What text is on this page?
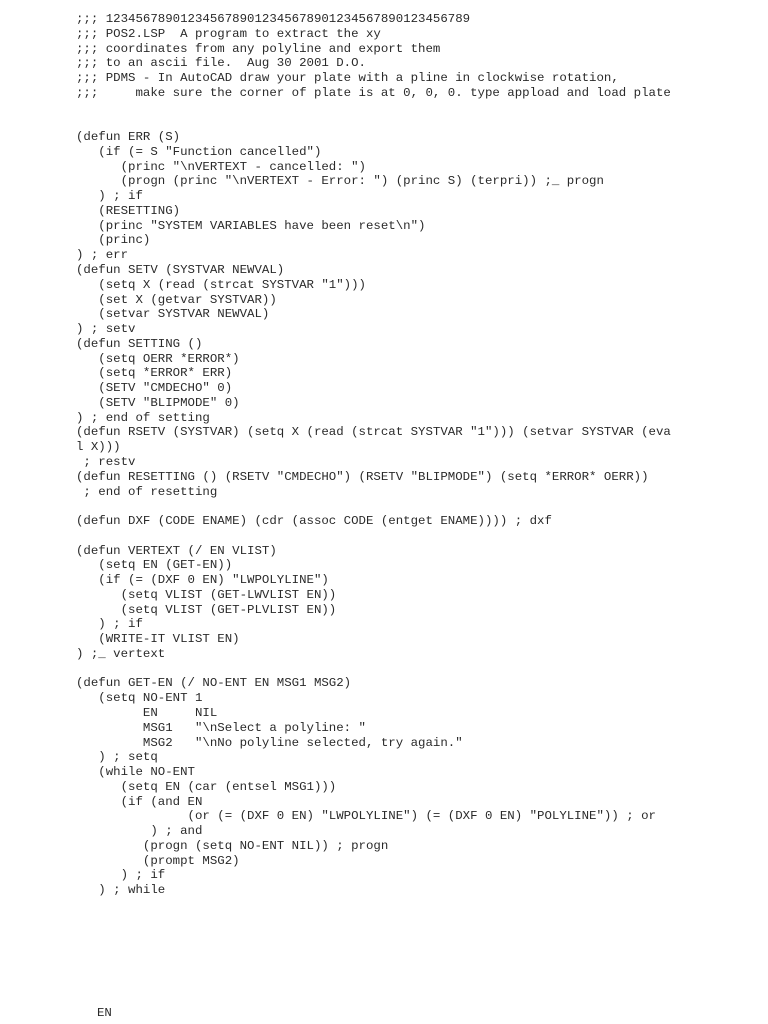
;;; 1234567890123456789012345678901234567890123456789
;;; POS2.LSP  A program to extract the xy
;;; coordinates from any polyline and export them
;;; to an ascii file.  Aug 30 2001 D.O.
;;; PDMS - In AutoCAD draw your plate with a pline in clockwise rotation,
;;;     make sure the corner of plate is at 0, 0, 0. type appload and load plate
(defun ERR (S)
(if (= S "Function cancelled")
(princ "\nVERTEXT - cancelled: ")
(progn (princ "\nVERTEXT - Error: ") (princ S) (terpri)) ;_ progn
) ; if
(RESETTING)
(princ "SYSTEM VARIABLES have been reset\n")
(princ)
) ; err
(defun SETV (SYSTVAR NEWVAL)
(setq X (read (strcat SYSTVAR "1")))
(set X (getvar SYSTVAR))
(setvar SYSTVAR NEWVAL)
) ; setv
(defun SETTING ()
(setq OERR *ERROR*)
(setq *ERROR* ERR)
(SETV "CMDECHO" 0)
(SETV "BLIPMODE" 0)
) ; end of setting
(defun RSETV (SYSTVAR) (setq X (read (strcat SYSTVAR "1"))) (setvar SYSTVAR (eva
l X)))
; restv
(defun RESETTING () (RSETV "CMDECHO") (RSETV "BLIPMODE") (setq *ERROR* OERR))
; end of resetting
(defun DXF (CODE ENAME) (cdr (assoc CODE (entget ENAME)))) ; dxf
(defun VERTEXT (/ EN VLIST)
(setq EN (GET-EN))
(if (= (DXF 0 EN) "LWPOLYLINE")
(setq VLIST (GET-LWVLIST EN))
(setq VLIST (GET-PLVLIST EN))
) ; if
(WRITE-IT VLIST EN)
) ;_ vertext
(defun GET-EN (/ NO-ENT EN MSG1 MSG2)
(setq NO-ENT 1
EN     NIL
MSG1   "\nSelect a polyline: "
MSG2   "\nNo polyline selected, try again."
) ; setq
(while NO-ENT
(setq EN (car (entsel MSG1)))
(if (and EN
(or (= (DXF 0 EN) "LWPOLYLINE") (= (DXF 0 EN) "POLYLINE")) ; or
) ; and
(progn (setq NO-ENT NIL)) ; progn
(prompt MSG2)
) ; if
) ; while
EN
